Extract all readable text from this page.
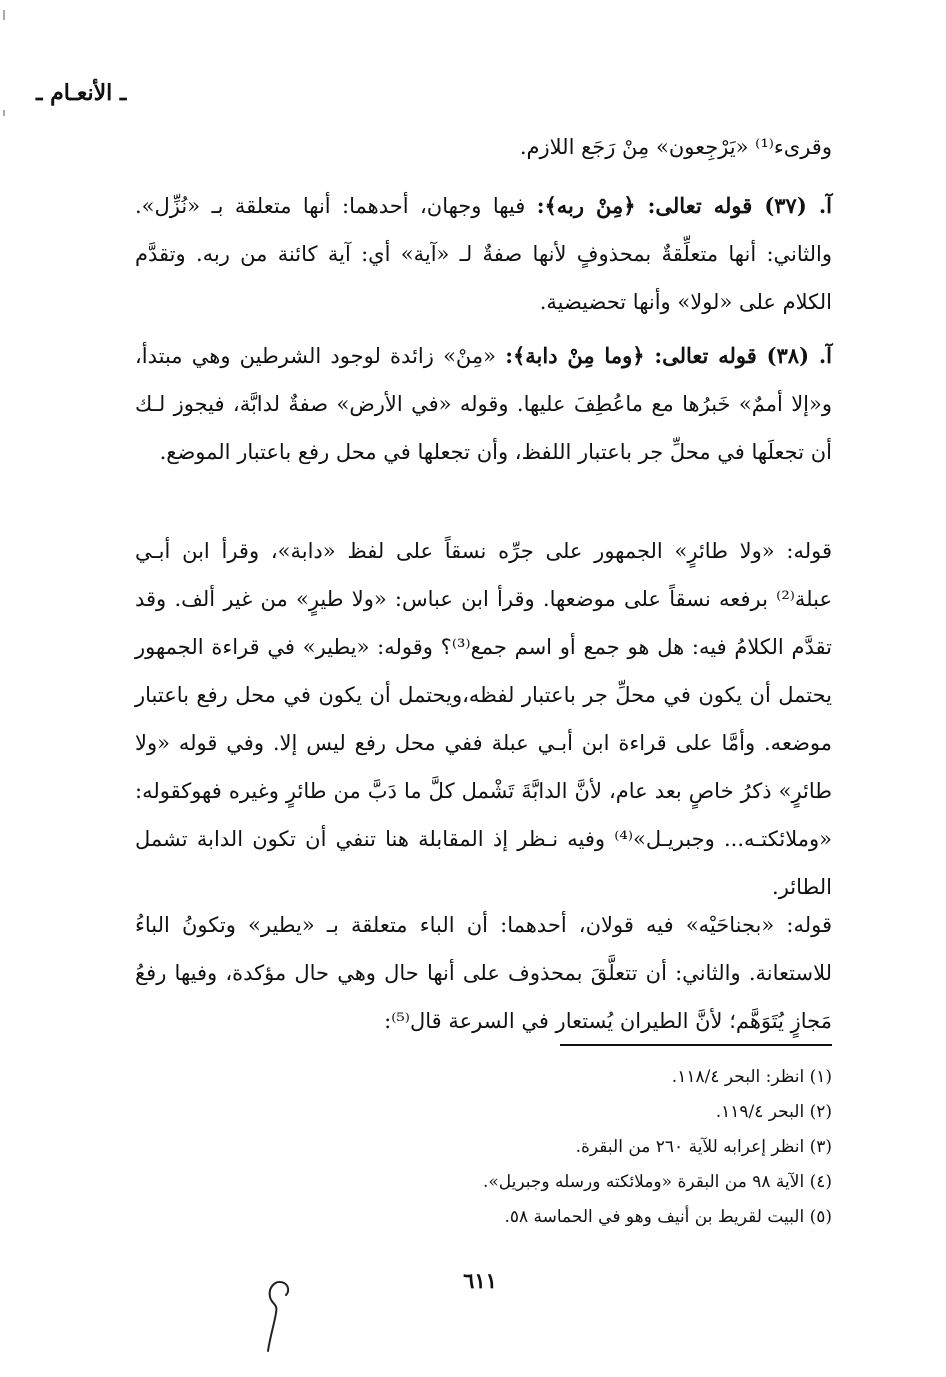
ـ الأنعـام ـ
وقرىء⁽¹⁾ «يَرْجِعون» مِنْ رَجَع اللازم.
آ. (٣٧) قوله تعالى: ﴿مِنْ ربه﴾: فيها وجهان، أحدهما: أنها متعلقة بـ «نُزِّل». والثاني: أنها متعلِّقةٌ بمحذوفٍ لأنها صفةٌ لـ «آية» أي: آية كائنة من ربه. وتقدَّم الكلام على «لولا» وأنها تحضيضية.
آ. (٣٨) قوله تعالى: ﴿وما مِنْ دابة﴾: «مِنْ» زائدة لوجود الشرطين وهي مبتدأ، و«إلا أممٌ» خَبرُها مع ماعُطِفَ عليها. وقوله «في الأرض» صفةٌ لدابَّة، فيجوز لـك أن تجعلَها في محلِّ جر باعتبار اللفظ، وأن تجعلها في محل رفع باعتبار الموضع.
قوله: «ولا طائرٍ» الجمهور على جرِّه نسقاً على لفظ «دابة»، وقرأ ابن أبـي عبلة⁽²⁾ برفعه نسقاً على موضعها. وقرأ ابن عباس: «ولا طيرٍ» من غير ألف. وقد تقدَّم الكلامُ فيه: هل هو جمع أو اسم جمع⁽³⁾؟ وقوله: «يطير» في قراءة الجمهور يحتمل أن يكون في محلِّ جر باعتبار لفظه،ويحتمل أن يكون في محل رفع باعتبار موضعه. وأمَّا على قراءة ابن أبـي عبلة ففي محل رفع ليس إلا. وفي قوله «ولا طائرٍ» ذكرُ خاصٍ بعد عام، لأنَّ الدابَّةَ تَشْمل كلَّ ما دَبَّ من طائرٍ وغيره فهوكقوله: «وملائكتـه... وجبريـل»⁽⁴⁾ وفيه نـظر إذ المقابلة هنا تنفي أن تكون الدابة تشمل الطائر.
قوله: «بجناحَيْه» فيه قولان، أحدهما: أن الباء متعلقة بـ «يطير» وتكونُ الباءُ للاستعانة. والثاني: أن تتعلَّقَ بمحذوف على أنها حال وهي حال مؤكدة، وفيها رفعُ مَجازٍ يُتَوَهَّم؛ لأنَّ الطيران يُستعار في السرعة قال⁽⁵⁾:
(١) انظر: البحر ١١٨/٤.
(٢) البحر ١١٩/٤.
(٣) انظر إعرابه للآية ٢٦٠ من البقرة.
(٤) الآية ٩٨ من البقرة «وملائكته ورسله وجبريل».
(٥) البيت لقريط بن أنيف وهو في الحماسة ٥٨.
٦١١
